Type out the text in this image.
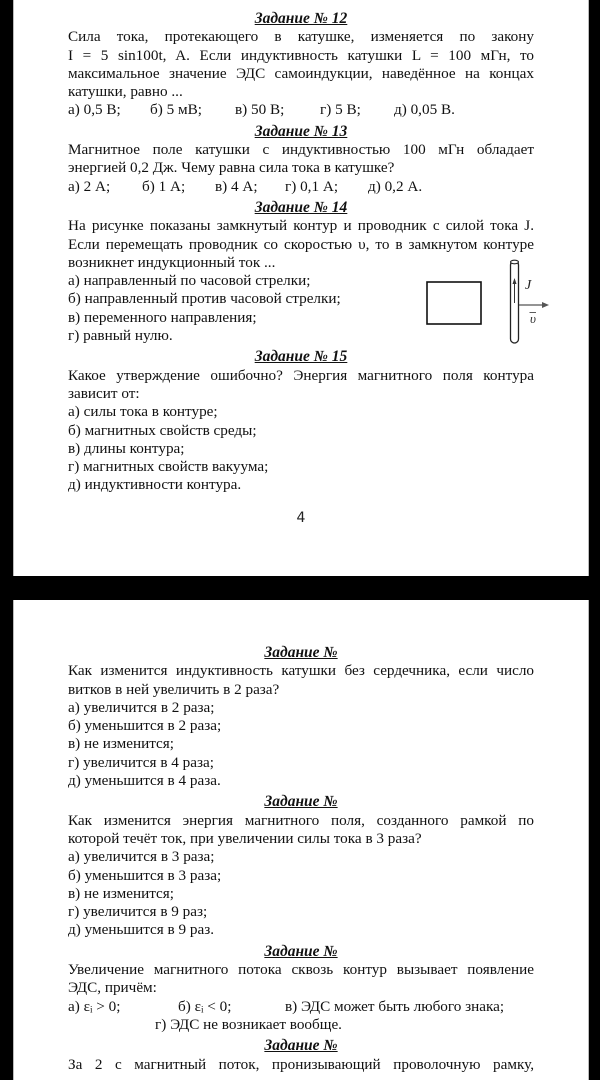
Задание № 12

Сила тока, протекающего в катушке, изменяется по закону
I = 5 sin100t, A. Если индуктивность катушки L = 100 мГн, то
максимальное значение ЭДС самоиндукции, наведённое на концах
катушки, равно ...

а) 0,5 В;	б) 5 мВ;	в) 50 В;	г) 5 В;	д) 0,05 В.
Задание № 13

Магнитное поле катушки с индуктивностью 100 мГн обладает
энергией 0,2 Дж. Чему равна сила тока в катушке?

а) 2 А;	б) 1 А;	в) 4 А;	г) 0,1 А;	д) 0,2 А.
Задание № 14

На рисунке показаны замкнутый контур и проводник с силой тока J.
Если перемещать проводник со скоростью υ, то в замкнутом контуре
возникнет индукционный ток ...

а) направленный по часовой стрелки;

б) направленный против часовой стрелки;

в) переменного направления;

г) равный нулю.

Задание № 15

Какое утверждение ошибочно? Энергия магнитного поля контура
зависит от:

а) силы тока в контуре;

б) магнитных свойств среды;

в) длины контура;

г) магнитных свойств вакуума;

д) индуктивности контура.

J
υ
4
Задание №

Как изменится индуктивность катушки без сердечника, если число
витков в ней увеличить в 2 раза?

а) увеличится в 2 раза;

б) уменьшится в 2 раза;

в) не изменится;

г) увеличится в 4 раза;

д) уменьшится в 4 раза.

Задание №

Как изменится энергия магнитного поля, созданного рамкой по
которой течёт ток, при увеличении силы тока в 3 раза?

а) увеличится в 3 раза;

б) уменьшится в 3 раза;

в) не изменится;

г) увеличится в 9 раз;

д) уменьшится в 9 раз.

Задание №

Увеличение магнитного потока сквозь контур вызывает появление
ЭДС, причём:

а) εᵢ > 0;	б) εᵢ < 0;	в) ЭДС может быть любого знака;

г) ЭДС не возникает вообще.

Задание №

За 2 с магнитный поток, пронизывающий проволочную рамку,
